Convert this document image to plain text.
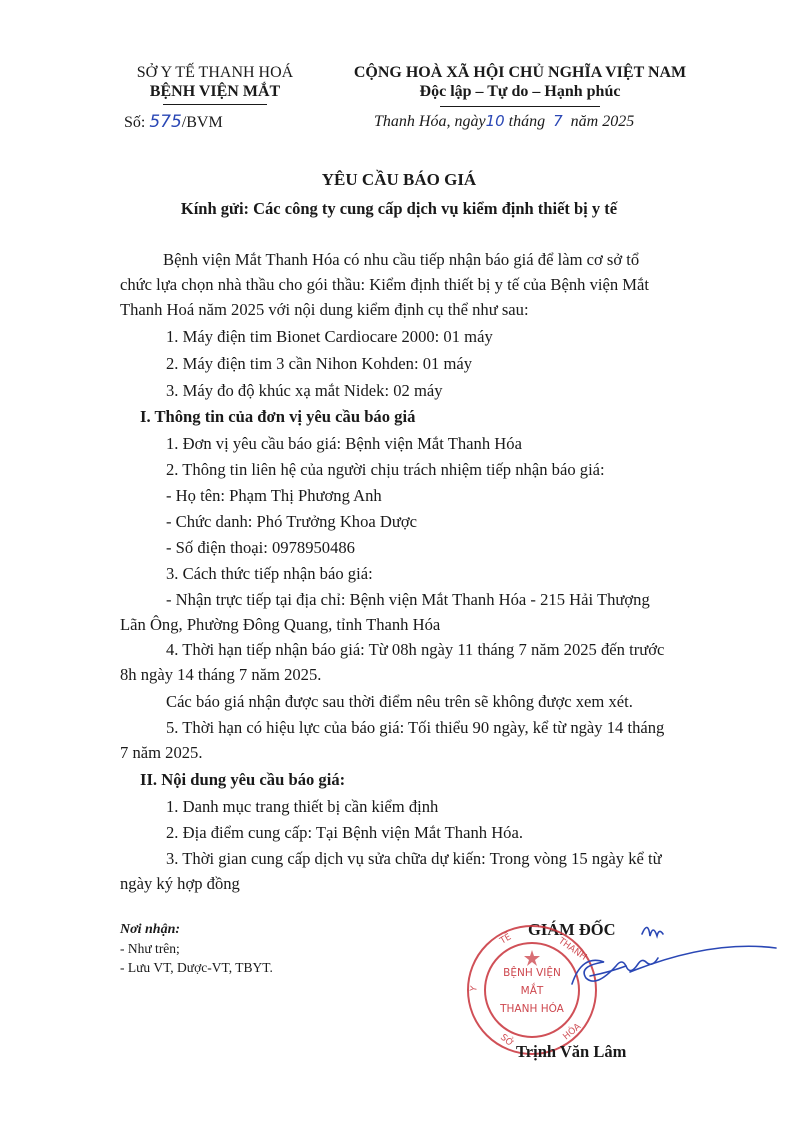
SỞ Y TẾ THANH HOÁ
BỆNH VIỆN MẮT
Số: 575/BVM
CỘNG HOÀ XÃ HỘI CHỦ NGHĨA VIỆT NAM
Độc lập – Tự do – Hạnh phúc
Thanh Hóa, ngày10 tháng 7 năm 2025
YÊU CẦU BÁO GIÁ
Kính gửi: Các công ty cung cấp dịch vụ kiểm định thiết bị y tế
Bệnh viện Mắt Thanh Hóa có nhu cầu tiếp nhận báo giá để làm cơ sở tổ
chức lựa chọn nhà thầu cho gói thầu: Kiểm định thiết bị y tế của Bệnh viện Mắt
Thanh Hoá năm 2025 với nội dung kiểm định cụ thể như sau:
1. Máy điện tim Bionet Cardiocare 2000: 01 máy
2. Máy điện tim 3 cần Nihon Kohden: 01 máy
3. Máy đo độ khúc xạ mắt Nidek: 02 máy
I. Thông tin của đơn vị yêu cầu báo giá
1. Đơn vị yêu cầu báo giá: Bệnh viện Mắt Thanh Hóa
2. Thông tin liên hệ của người chịu trách nhiệm tiếp nhận báo giá:
- Họ tên: Phạm Thị Phương Anh
- Chức danh: Phó Trưởng Khoa Dược
- Số điện thoại: 0978950486
3. Cách thức tiếp nhận báo giá:
- Nhận trực tiếp tại địa chỉ: Bệnh viện Mắt Thanh Hóa - 215 Hải Thượng
Lãn Ông, Phường Đông Quang, tỉnh Thanh Hóa
4. Thời hạn tiếp nhận báo giá: Từ 08h ngày 11 tháng 7 năm 2025 đến trước
8h ngày 14 tháng 7 năm 2025.
Các báo giá nhận được sau thời điểm nêu trên sẽ không được xem xét.
5. Thời hạn có hiệu lực của báo giá: Tối thiểu 90 ngày, kể từ ngày 14 tháng
7 năm 2025.
II. Nội dung yêu cầu báo giá:
1. Danh mục trang thiết bị cần kiểm định
2. Địa điểm cung cấp: Tại Bệnh viện Mắt Thanh Hóa.
3. Thời gian cung cấp dịch vụ sửa chữa dự kiến: Trong vòng 15 ngày kể từ
ngày ký hợp đồng
Nơi nhận:
- Như trên;
- Lưu VT, Dược-VT, TBYT.
GIÁM ĐỐC
TẾ	THANH
Y
SỞ	HÓA
BỆNH VIỆN
MẮT
THANH HÓA
Trịnh Văn Lâm
